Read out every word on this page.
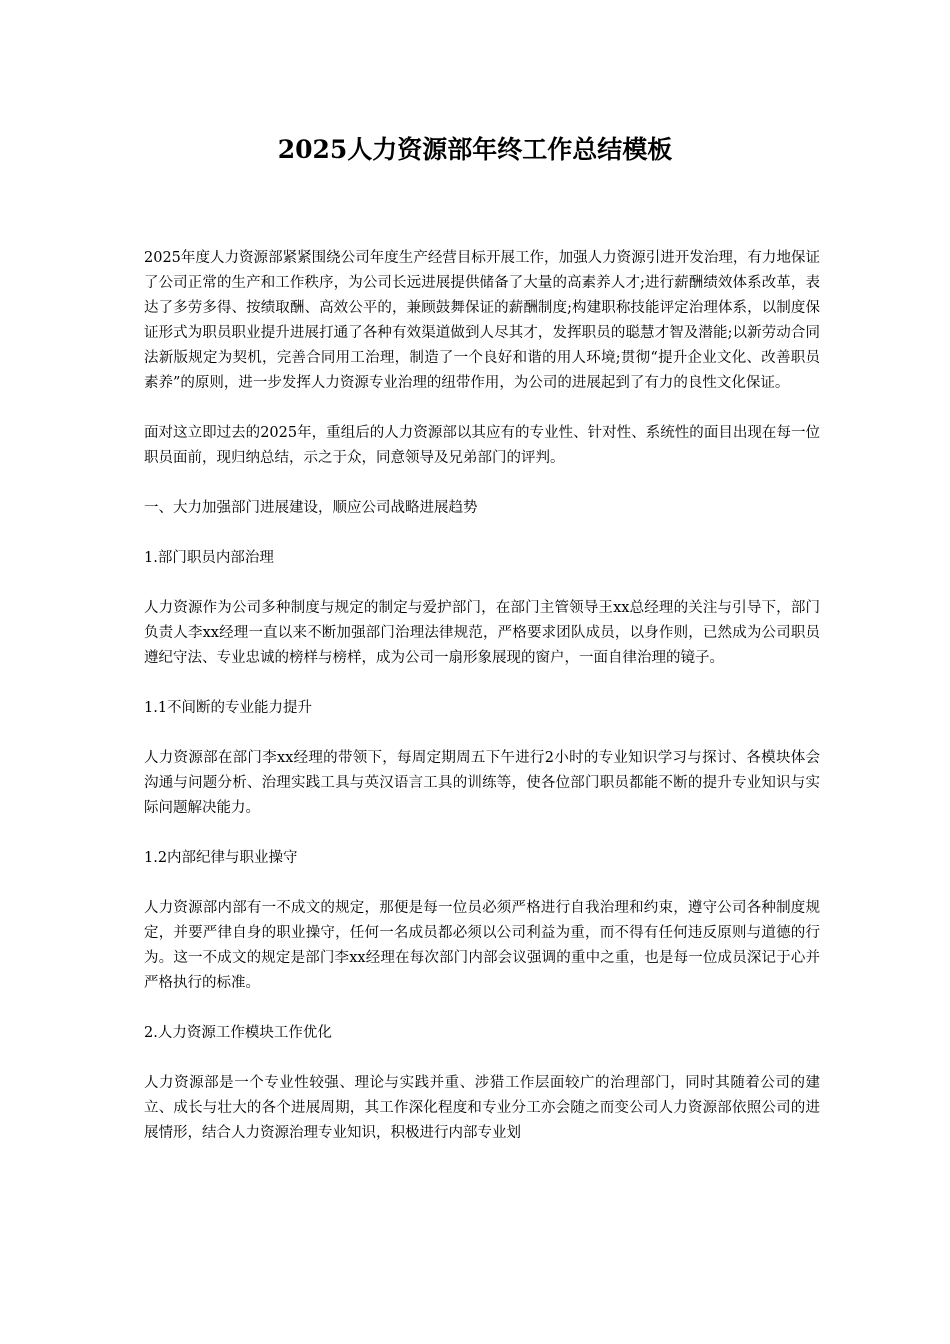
2025人力资源部年终工作总结模板

2025年度人力资源部紧紧围绕公司年度生产经营目标开展工作，加强人力资源引进开发治理，有力地保证了公司正常的生产和工作秩序，为公司长远进展提供储备了大量的高素养人才;进行薪酬绩效体系改革，表达了多劳多得、按绩取酬、高效公平的，兼顾鼓舞保证的薪酬制度;构建职称技能评定治理体系，以制度保证形式为职员职业提升进展打通了各种有效渠道做到人尽其才，发挥职员的聪慧才智及潜能;以新劳动合同法新版规定为契机，完善合同用工治理，制造了一个良好和谐的用人环境;贯彻“提升企业文化、改善职员素养”的原则，进一步发挥人力资源专业治理的纽带作用，为公司的进展起到了有力的良性文化保证。

面对这立即过去的2025年，重组后的人力资源部以其应有的专业性、针对性、系统性的面目出现在每一位职员面前，现归纳总结，示之于众，同意领导及兄弟部门的评判。

一、大力加强部门进展建设，顺应公司战略进展趋势

1.部门职员内部治理

人力资源作为公司多种制度与规定的制定与爱护部门，在部门主管领导王xx总经理的关注与引导下，部门负责人李xx经理一直以来不断加强部门治理法律规范，严格要求团队成员，以身作则，已然成为公司职员遵纪守法、专业忠诚的榜样与榜样，成为公司一扇形象展现的窗户，一面自律治理的镜子。

1.1不间断的专业能力提升

人力资源部在部门李xx经理的带领下，每周定期周五下午进行2小时的专业知识学习与探讨、各模块体会沟通与问题分析、治理实践工具与英汉语言工具的训练等，使各位部门职员都能不断的提升专业知识与实际问题解决能力。

1.2内部纪律与职业操守

人力资源部内部有一不成文的规定，那便是每一位员必须严格进行自我治理和约束，遵守公司各种制度规定，并要严律自身的职业操守，任何一名成员都必须以公司利益为重，而不得有任何违反原则与道德的行为。这一不成文的规定是部门李xx经理在每次部门内部会议强调的重中之重，也是每一位成员深记于心并严格执行的标准。

2.人力资源工作模块工作优化

人力资源部是一个专业性较强、理论与实践并重、涉猎工作层面较广的治理部门，同时其随着公司的建立、成长与壮大的各个进展周期，其工作深化程度和专业分工亦会随之而变公司人力资源部依照公司的进展情形，结合人力资源治理专业知识，积极进行内部专业划
